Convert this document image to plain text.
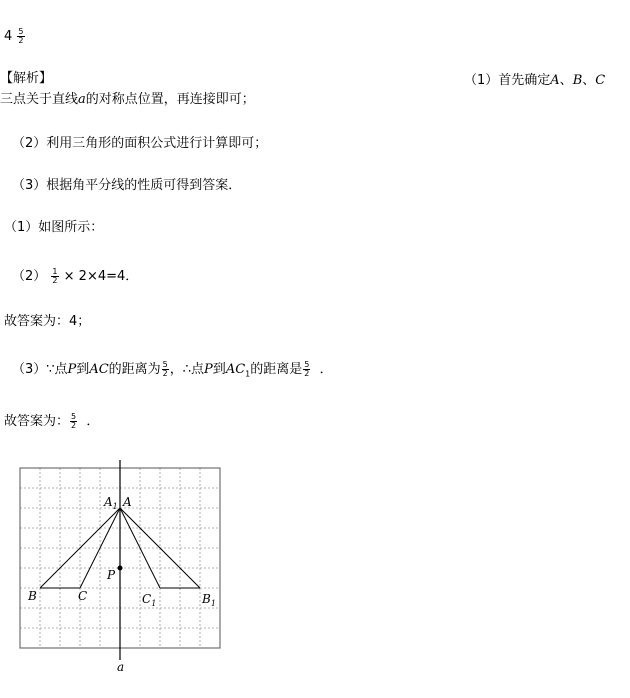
$4 \frac{5}{2}$
【解析】	（1）首先确定A、B、C
三点关于直线a的对称点位置，再连接即可；
（2）利用三角形的面积公式进行计算即可；
（3）根据角平分线的性质可得到答案．
（1）如图所示：
$(2) \frac{1}{2} \times 2\times 4=4$．
故答案为：4；
（3）∵点P到AC的距离为 $\frac{5}{2}$ ，∴点P到$AC_1$的距离是 $\frac{5}{2}$ ．
故答案为： $\frac{5}{2}$ ．
$A_1$ A
P
B	C	$C_1$	$B_1$
a
